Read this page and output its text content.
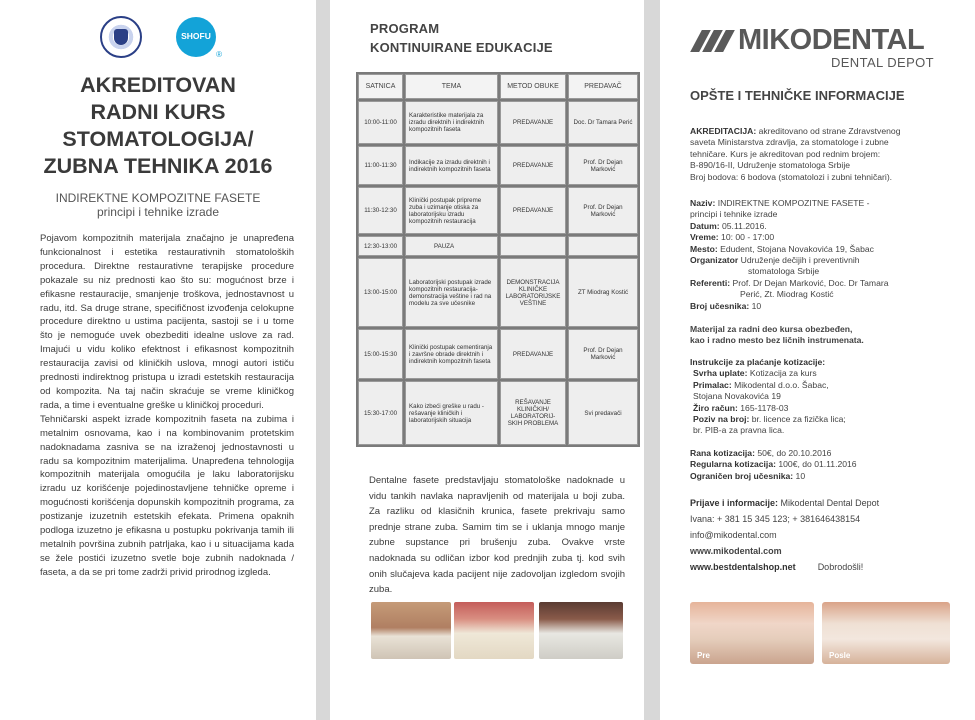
SHOFU
®
AKREDITOVAN
RADNI KURS
STOMATOLOGIJA/
ZUBNA TEHNIKA 2016
INDIREKTNE KOMPOZITNE FASETE
principi i tehnike izrade

Pojavom kompozitnih materijala značajno je unapređena funkcionalnost i estetika restaurativnih stomatoloških procedura. Direktne restaurativne terapijske procedure pokazale su niz prednosti kao što su: mogućnost brze i efikasne restauracije, smanjenje troškova, jednostavnost u radu, itd. Sa druge strane, specifičnost izvođenja celokupne procedure direktno u ustima pacijenta, sastoji se i u tome što je nemoguće uvek obezbediti idealne uslove za rad. Imajući u vidu koliko efektnost i efikasnost kompozitnih restauracija zavisi od kliničkih uslova, mnogi autori ističu prednosti indirektnog pristupa u izradi estetskih restauracija od kompozita. Na taj način skraćuje se vreme kliničkog rada, a time i eventualne greške u kliničkoj proceduri.

Tehničarski aspekt izrade kompozitnih faseta na zubima i metalnim osnovama, kao i na kombinovanim protetskim nadoknadama zasniva se na izraženoj jednostavnosti u radu sa kompozitnim materijalima. Unapređena tehnologija kompozitnih materijala omogućila je laku laboratorijsku izradu uz korišćenje pojedinostavljene tehničke opreme i mogućnosti korišćenja dopunskih kompozitnih programa, za postizanje izuzetnih estetskih efekata. Primena opaknih podloga izuzetno je efikasna u postupku pokrivanja tamih ili metalnih površina zubnih patrljaka, kao i u situacijama kada se žele postići izuzetno svetle boje zubnih nadoknada / faseta, a da se pri tome zadrži privid prirodnog izgleda.

PROGRAM
KONTINUIRANE EDUKACIJE
SATNICA	TEMA	METOD OBUKE	PREDAVAČ
10:00-11:00	Karakteristike materijala za izradu direktnih i indirektnih kompozitnih faseta	PREDAVANJE	Doc. Dr Tamara Perić
11:00-11:30	Indikacije za izradu direktnih i indirektnih kompozitnih faseta	PREDAVANJE	Prof. Dr Dejan Marković
11:30-12:30	Klinički postupak pripreme zuba i uzimanje otiska za laboratorijsku izradu kompozitnih restauracija	PREDAVANJE	Prof. Dr Dejan Marković
12:30-13:00	PAUZA		
13:00-15:00	Laboratorijski postupak izrade kompozitnih restauracija-demonstracija veštine i rad na modelu za sve učesnike	DEMONSTRACIJA KLINIČKE LABORATORIJSKE VEŠTINE	ZT Miodrag Kostić
15:00-15:30	Klinički postupak cementiranja i završne obrade direktnih i indirektnih kompozitnih faseta	PREDAVANJE	Prof. Dr Dejan Marković
15:30-17:00	Kako izbeći greške u radu - rešavanje kliničkih i laboratorijskih situacija	REŠAVANJE KLINIČKIH/ LABORATORIJ-SKIH PROBLEMA	Svi predavači
Dentalne fasete predstavljaju stomatološke nadoknade u vidu tankih navlaka napravljenih od materijala u boji zuba. Za razliku od klasičnih krunica, fasete prekrivaju samo prednje strane zuba. Samim tim se i uklanja mnogo manje zubne supstance pri brušenju zuba. Ovakve vrste nadoknada su odličan izbor kod prednjih zuba tj. kod svih onih slučajeva kada pacijent nije zadovoljan izgledom svojih zuba.
MIKODENTAL
DENTAL DEPOT
OPŠTE I TEHNIČKE INFORMACIJE
AKREDITACIJA: akreditovano od strane Zdravstvenog
saveta Ministarstva zdravlja, za stomatologe i zubne
tehničare. Kurs je akreditovan pod rednim brojem:
B-890/16-II, Udruženje stomatologa Srbije
Broj bodova: 6 bodova (stomatolozi i zubni tehničari).
Naziv: INDIREKTNE KOMPOZITNE FASETE -
principi i tehnike izrade
Datum: 05.11.2016.
Vreme: 10: 00 - 17:00
Mesto: Edudent, Stojana Novakovića 19, Šabac
Organizator Udruženje dečijih i preventivnih
stomatologa Srbije
Referenti: Prof. Dr Dejan Marković, Doc. Dr Tamara
Perić, Zt. Miodrag Kostić
Broj učesnika: 10
Materijal za radni deo kursa obezbeđen,
kao i radno mesto bez ličnih instrumenata.
Instrukcije za plaćanje kotizacije:
Svrha uplate: Kotizacija za kurs
Primalac: Mikodental d.o.o. Šabac,
Stojana Novakovića 19
Žiro račun: 165-1178-03
Poziv na broj: br. licence za fizička lica;
br. PIB-a za pravna lica.
Rana kotizacija: 50€, do 20.10.2016
Regularna kotizacija: 100€, do 01.11.2016
Ograničen broj učesnika: 10
Prijave i informacije: Mikodental Dental Depot
Ivana: + 381 15 345 123; + 381646438154
info@mikodental.com
www.mikodental.com
www.bestdentalshop.net Dobrodošli!
Pre	Posle
